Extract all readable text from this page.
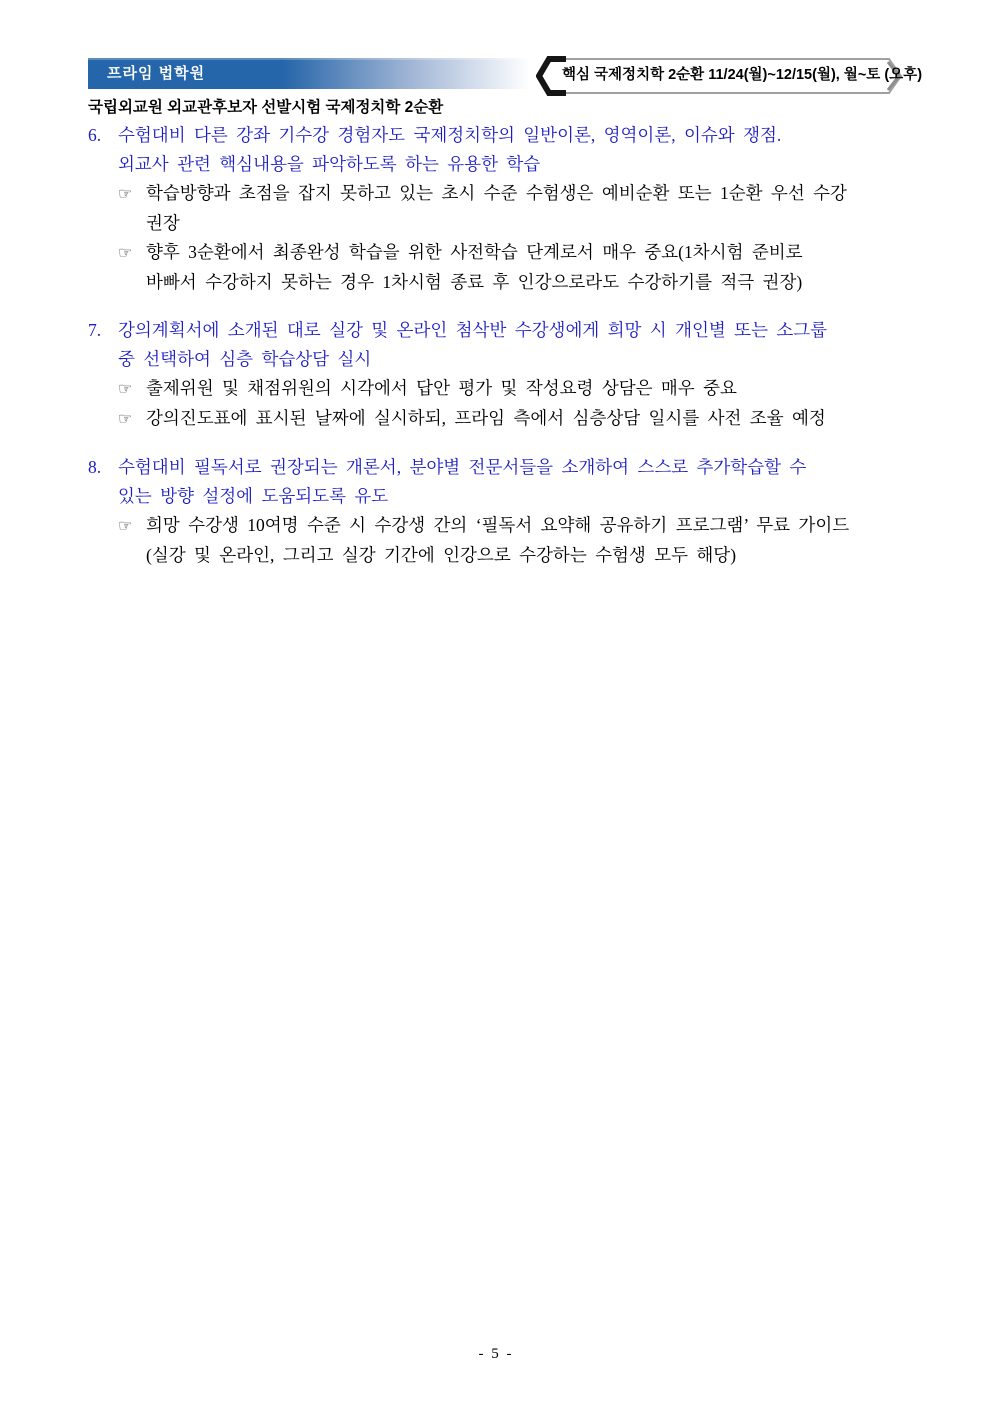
프라임 법학원	핵심 국제정치학 2순환 11/24(월)~12/15(월), 월~토 (오후)
국립외교원 외교관후보자 선발시험 국제정치학 2순환
6. 수험대비 다른 강좌 기수강 경험자도 국제정치학의 일반이론, 영역이론, 이슈와 쟁점.
외교사 관련 핵심내용을 파악하도록 하는 유용한 학습
☞ 학습방향과 초점을 잡지 못하고 있는 초시 수준 수험생은 예비순환 또는 1순환 우선 수강
권장
☞ 향후 3순환에서 최종완성 학습을 위한 사전학습 단계로서 매우 중요(1차시험 준비로
바빠서 수강하지 못하는 경우 1차시험 종료 후 인강으로라도 수강하기를 적극 권장)
7. 강의계획서에 소개된 대로 실강 및 온라인 첨삭반 수강생에게 희망 시 개인별 또는 소그룹
중 선택하여 심층 학습상담 실시
☞ 출제위원 및 채점위원의 시각에서 답안 평가 및 작성요령 상담은 매우 중요
☞ 강의진도표에 표시된 날짜에 실시하되, 프라임 측에서 심층상담 일시를 사전 조율 예정
8. 수험대비 필독서로 권장되는 개론서, 분야별 전문서들을 소개하여 스스로 추가학습할 수
있는 방향 설정에 도움되도록 유도
☞ 희망 수강생 10여명 수준 시 수강생 간의 ‘필독서 요약해 공유하기 프로그램’ 무료 가이드
(실강 및 온라인, 그리고 실강 기간에 인강으로 수강하는 수험생 모두 해당)
- 5 -
